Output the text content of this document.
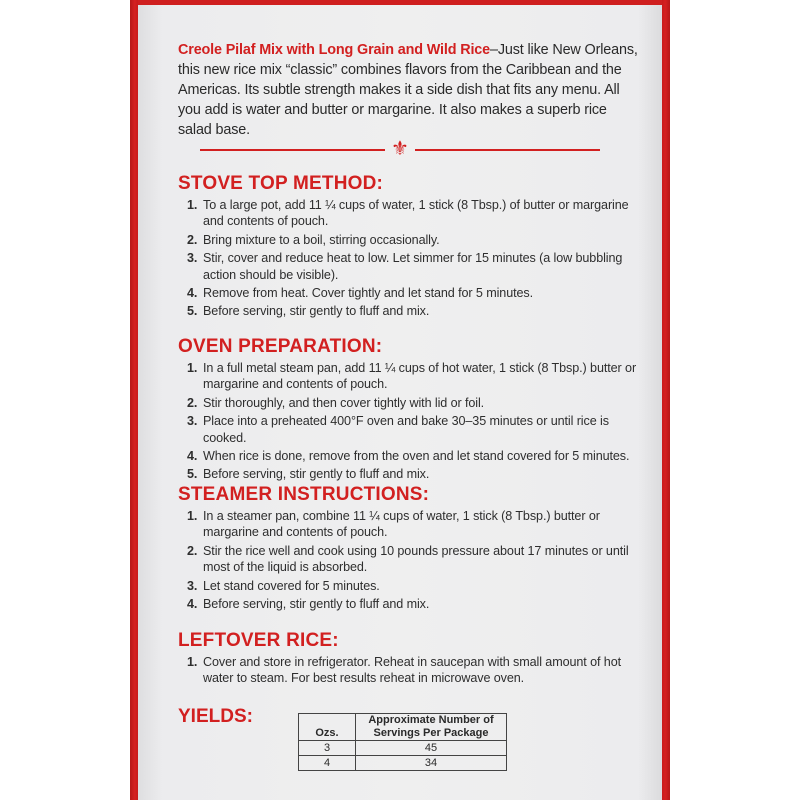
Creole Pilaf Mix with Long Grain and Wild Rice–Just like New Orleans, this new rice mix “classic” combines flavors from the Caribbean and the Americas. Its subtle strength makes it a side dish that fits any menu. All you add is water and butter or margarine. It also makes a superb rice salad base.

⚜
STOVE TOP METHOD:
1. To a large pot, add 11 ¼ cups of water, 1 stick (8 Tbsp.) of butter or margarine and contents of pouch.
2. Bring mixture to a boil, stirring occasionally.
3. Stir, cover and reduce heat to low. Let simmer for 15 minutes (a low bubbling action should be visible).
4. Remove from heat. Cover tightly and let stand for 5 minutes.
5. Before serving, stir gently to fluff and mix.
OVEN PREPARATION:
1. In a full metal steam pan, add 11 ¼ cups of hot water, 1 stick (8 Tbsp.) butter or margarine and contents of pouch.
2. Stir thoroughly, and then cover tightly with lid or foil.
3. Place into a preheated 400°F oven and bake 30–35 minutes or until rice is cooked.
4. When rice is done, remove from the oven and let stand covered for 5 minutes.
5. Before serving, stir gently to fluff and mix.
STEAMER INSTRUCTIONS:
1. In a steamer pan, combine 11 ¼ cups of water, 1 stick (8 Tbsp.) butter or margarine and contents of pouch.
2. Stir the rice well and cook using 10 pounds pressure about 17 minutes or until most of the liquid is absorbed.
3. Let stand covered for 5 minutes.
4. Before serving, stir gently to fluff and mix.
LEFTOVER RICE:
1. Cover and store in refrigerator. Reheat in saucepan with small amount of hot water to steam. For best results reheat in microwave oven.
YIELDS:
Ozs.	Approximate Number of Servings Per Package
3	45
4	34
